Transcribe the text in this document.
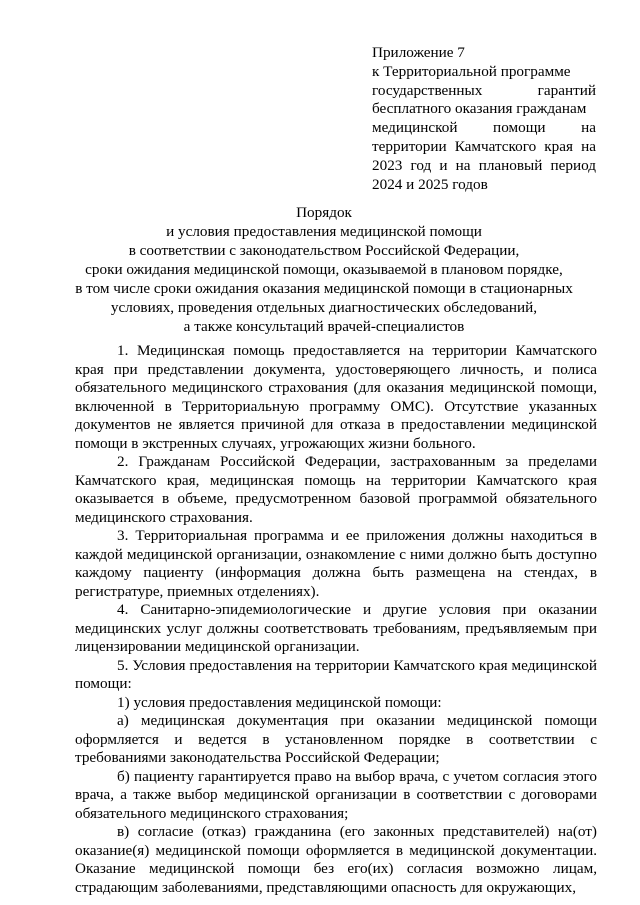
Приложение 7
к Территориальной программе
государственных гарантий
бесплатного оказания гражданам
медицинской помощи на
территории Камчатского края на
2023 год и на плановый период
2024 и 2025 годов
Порядок
и условия предоставления медицинской помощи
в соответствии с законодательством Российской Федерации,
сроки ожидания медицинской помощи, оказываемой в плановом порядке,
в том числе сроки ожидания оказания медицинской помощи в стационарных
условиях, проведения отдельных диагностических обследований,
а также консультаций врачей-специалистов

1. Медицинская помощь предоставляется на территории Камчатского края при представлении документа, удостоверяющего личность, и полиса обязательного медицинского страхования (для оказания медицинской помощи, включенной в Территориальную программу ОМС). Отсутствие указанных документов не является причиной для отказа в предоставлении медицинской помощи в экстренных случаях, угрожающих жизни больного.

2. Гражданам Российской Федерации, застрахованным за пределами Камчатского края, медицинская помощь на территории Камчатского края оказывается в объеме, предусмотренном базовой программой обязательного медицинского страхования.

3. Территориальная программа и ее приложения должны находиться в каждой медицинской организации, ознакомление с ними должно быть доступно каждому пациенту (информация должна быть размещена на стендах, в регистратуре, приемных отделениях).

4. Санитарно-эпидемиологические и другие условия при оказании медицинских услуг должны соответствовать требованиям, предъявляемым при лицензировании медицинской организации.

5. Условия предоставления на территории Камчатского края медицинской помощи:

1) условия предоставления медицинской помощи:

а) медицинская документация при оказании медицинской помощи оформляется и ведется в установленном порядке в соответствии с требованиями законодательства Российской Федерации;

б) пациенту гарантируется право на выбор врача, с учетом согласия этого врача, а также выбор медицинской организации в соответствии с договорами обязательного медицинского страхования;

в) согласие (отказ) гражданина (его законных представителей) на(от) оказание(я) медицинской помощи оформляется в медицинской документации. Оказание медицинской помощи без его(их) согласия возможно лицам, страдающим заболеваниями, представляющими опасность для окружающих,
